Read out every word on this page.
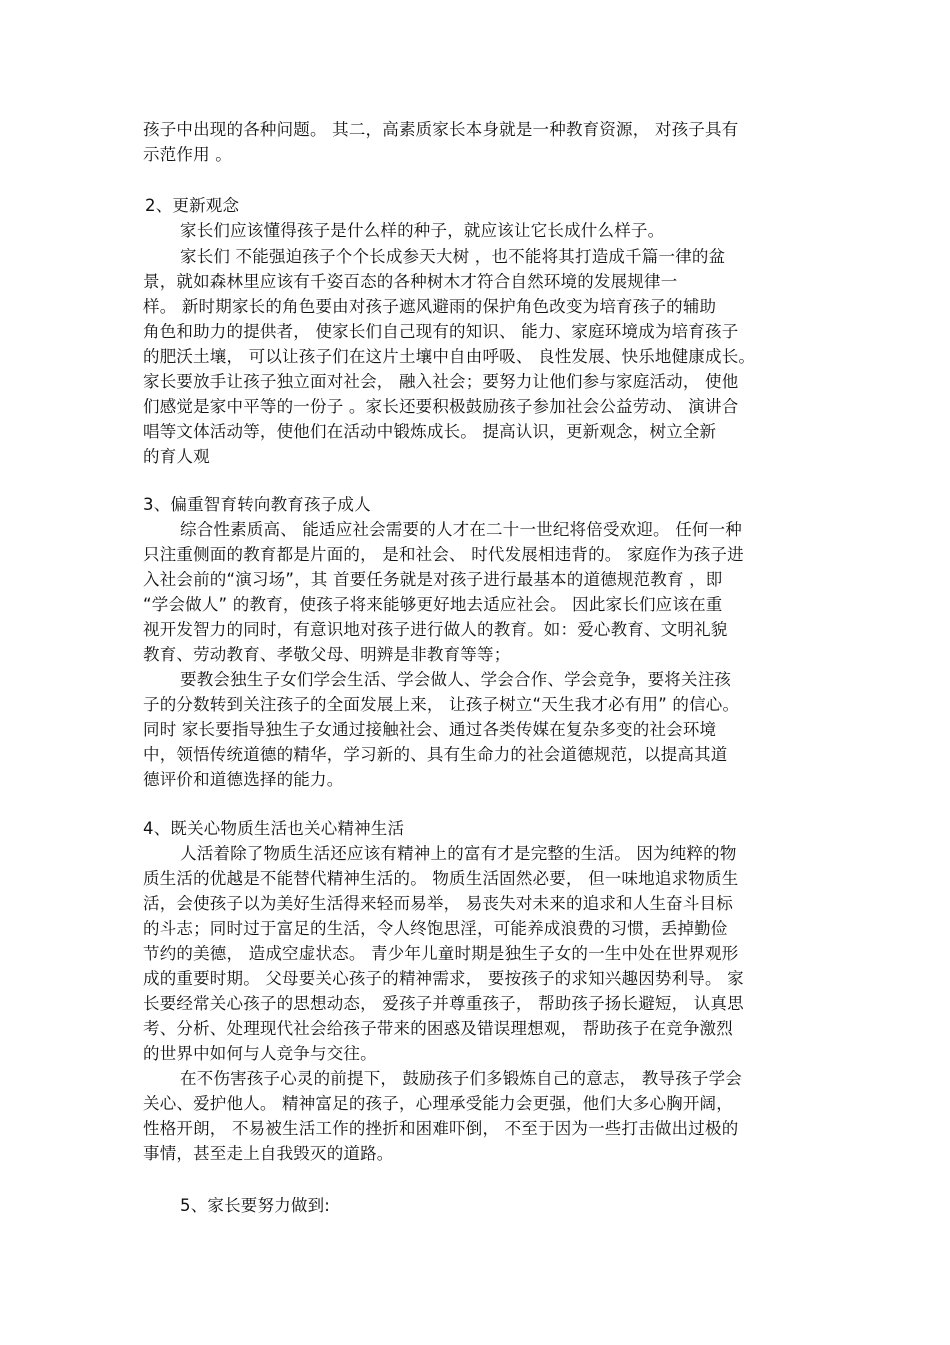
孩子中出现的各种问题。 其二，高素质家长本身就是一种教育资源， 对孩子具有
示范作用 。
2、更新观念
家长们应该懂得孩子是什么样的种子，就应该让它长成什么样子。
家长们 不能强迫孩子个个长成参天大树 ，也不能将其打造成千篇一律的盆
景，就如森林里应该有千姿百态的各种树木才符合自然环境的发展规律一
样。 新时期家长的角色要由对孩子遮风避雨的保护角色改变为培育孩子的辅助
角色和助力的提供者， 使家长们自己现有的知识、 能力、家庭环境成为培育孩子
的肥沃土壤， 可以让孩子们在这片土壤中自由呼吸、 良性发展、快乐地健康成长。
家长要放手让孩子独立面对社会， 融入社会；要努力让他们参与家庭活动， 使他
们感觉是家中平等的一份子 。家长还要积极鼓励孩子参加社会公益劳动、 演讲合
唱等文体活动等，使他们在活动中锻炼成长。 提高认识，更新观念，树立全新
的育人观
3、偏重智育转向教育孩子成人
综合性素质高、 能适应社会需要的人才在二十一世纪将倍受欢迎。 任何一种
只注重侧面的教育都是片面的， 是和社会、 时代发展相违背的。 家庭作为孩子进
入社会前的“演习场”，其 首要任务就是对孩子进行最基本的道德规范教育 ，即
“学会做人” 的教育，使孩子将来能够更好地去适应社会。 因此家长们应该在重
视开发智力的同时，有意识地对孩子进行做人的教育。如：爱心教育、文明礼貌
教育、劳动教育、孝敬父母、明辨是非教育等等；
要教会独生子女们学会生活、学会做人、学会合作、学会竞争，要将关注孩
子的分数转到关注孩子的全面发展上来， 让孩子树立“天生我才必有用” 的信心。
同时 家长要指导独生子女通过接触社会、通过各类传媒在复杂多变的社会环境
中，领悟传统道德的精华，学习新的、具有生命力的社会道德规范，以提高其道
德评价和道德选择的能力。
4、既关心物质生活也关心精神生活
人活着除了物质生活还应该有精神上的富有才是完整的生活。 因为纯粹的物
质生活的优越是不能替代精神生活的。 物质生活固然必要， 但一味地追求物质生
活，会使孩子以为美好生活得来轻而易举， 易丧失对未来的追求和人生奋斗目标
的斗志；同时过于富足的生活，令人终饱思淫，可能养成浪费的习惯，丢掉勤俭
节约的美德， 造成空虚状态。 青少年儿童时期是独生子女的一生中处在世界观形
成的重要时期。 父母要关心孩子的精神需求， 要按孩子的求知兴趣因势利导。 家
长要经常关心孩子的思想动态， 爱孩子并尊重孩子， 帮助孩子扬长避短， 认真思
考、分析、处理现代社会给孩子带来的困惑及错误理想观， 帮助孩子在竞争激烈
的世界中如何与人竞争与交往。
在不伤害孩子心灵的前提下， 鼓励孩子们多锻炼自己的意志， 教导孩子学会
关心、爱护他人。 精神富足的孩子，心理承受能力会更强，他们大多心胸开阔，
性格开朗， 不易被生活工作的挫折和困难吓倒， 不至于因为一些打击做出过极的
事情，甚至走上自我毁灭的道路。
5、家长要努力做到:
